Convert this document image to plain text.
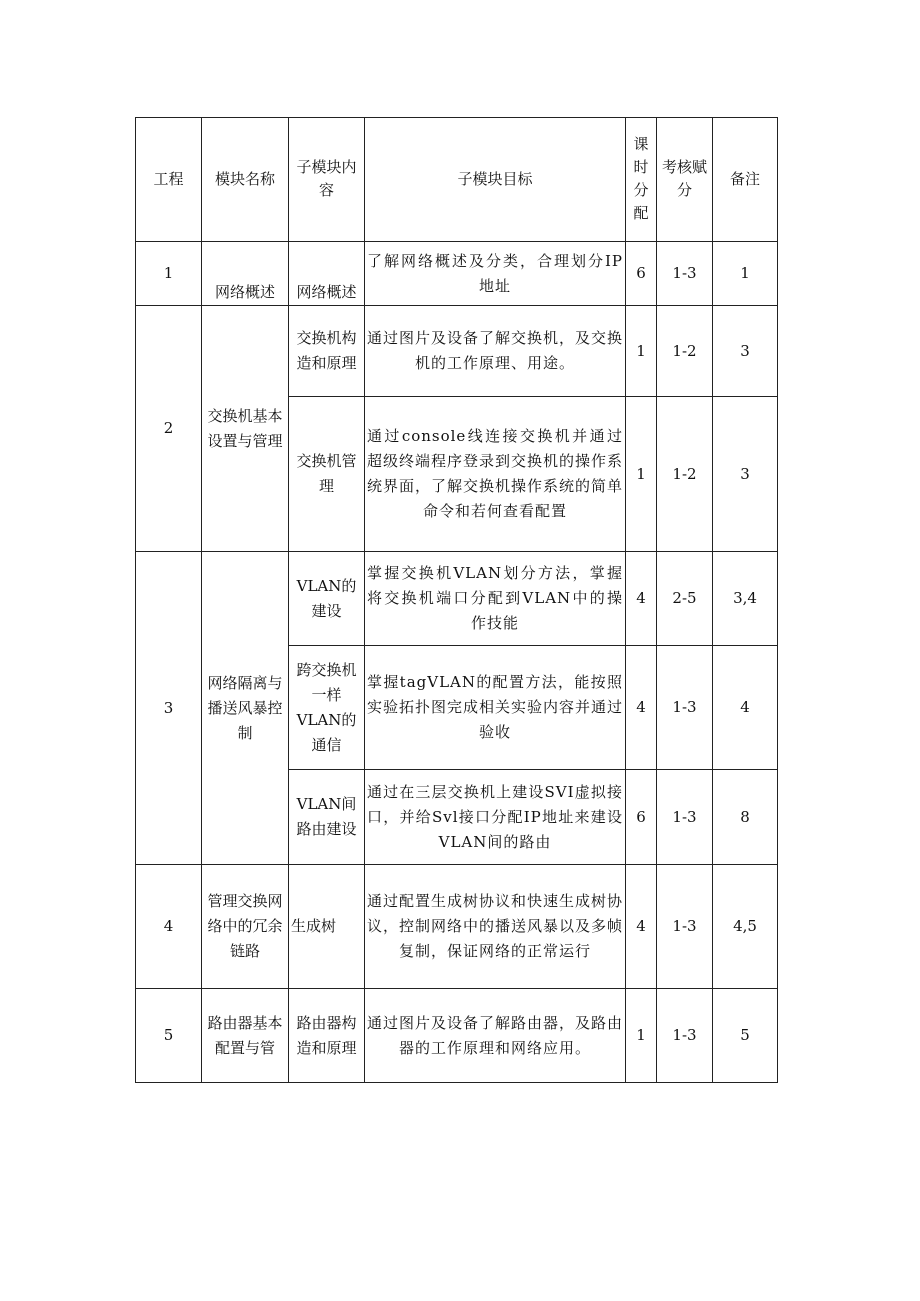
工程	模块名称	子模块内容	子模块目标	课时分配	考核赋分	备注
1	网络概述	网络概述	了解网络概述及分类，合理划分IP地址	6	1-3	1
2	交换机基本设置与管理	交换机构造和原理	通过图片及设备了解交换机，及交换机的工作原理、用途。	1	1-2	3
		交换机管理	通过console线连接交换机并通过超级终端程序登录到交换机的操作系统界面，了解交换机操作系统的简单命令和若何查看配置	1	1-2	3
3	网络隔离与播送风暴控制	VLAN的建设	掌握交换机VLAN划分方法，掌握将交换机端口分配到VLAN中的操作技能	4	2-5	3,4
		跨交换机一样VLAN的通信	掌握tagVLAN的配置方法，能按照实验拓扑图完成相关实验内容并通过验收	4	1-3	4
		VLAN间路由建设	通过在三层交换机上建设SVI虚拟接口，并给Svl接口分配IP地址来建设VLAN间的路由	6	1-3	8
4	管理交换网络中的冗余链路	生成树	通过配置生成树协议和快速生成树协议，控制网络中的播送风暴以及多帧复制，保证网络的正常运行	4	1-3	4,5
5	路由器基本配置与管	路由器构造和原理	通过图片及设备了解路由器，及路由器的工作原理和网络应用。	1	1-3	5
